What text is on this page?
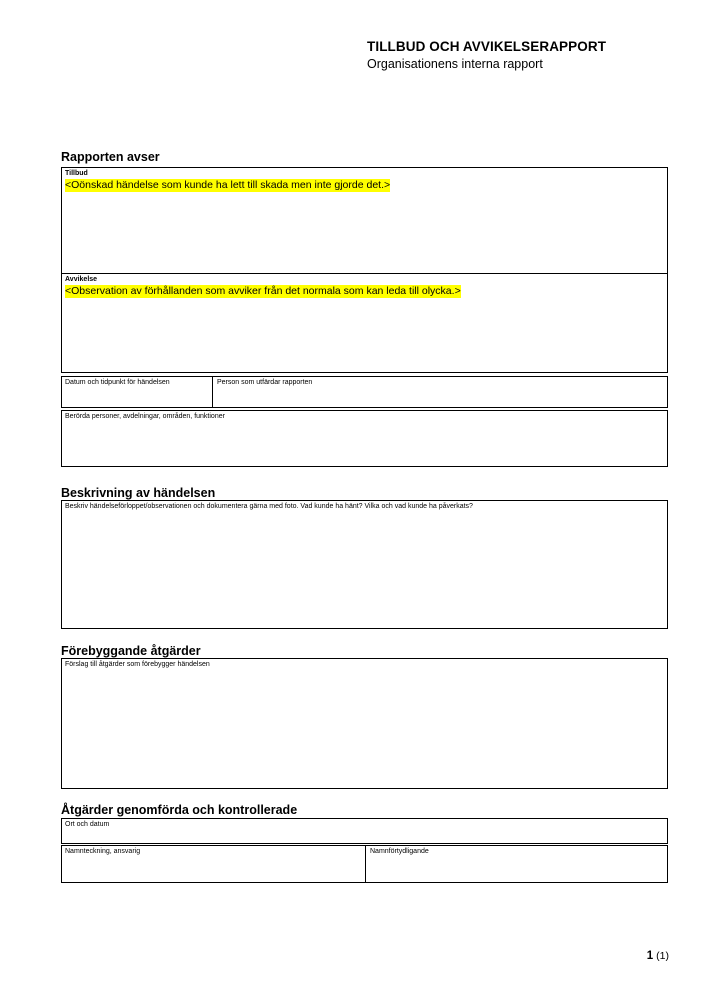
TILLBUD OCH AVVIKELSERAPPORT
Organisationens interna rapport
Rapporten avser
Tillbud
<Oönskad händelse som kunde ha lett till skada men inte gjorde det.>
Avvikelse
<Observation av förhållanden som avviker från det normala som kan leda till olycka.>
Datum och tidpunkt för händelsen	Person som utfärdar rapporten
Berörda personer, avdelningar, områden, funktioner
Beskrivning av händelsen
Beskriv händelseförloppet/observationen och dokumentera gärna med foto. Vad kunde ha hänt? Vilka och vad kunde ha påverkats?
Förebyggande åtgärder
Förslag till åtgärder som förebygger händelsen
Åtgärder genomförda och kontrollerade
Ort och datum
Namnteckning, ansvarig	Namnförtydligande
1 (1)
